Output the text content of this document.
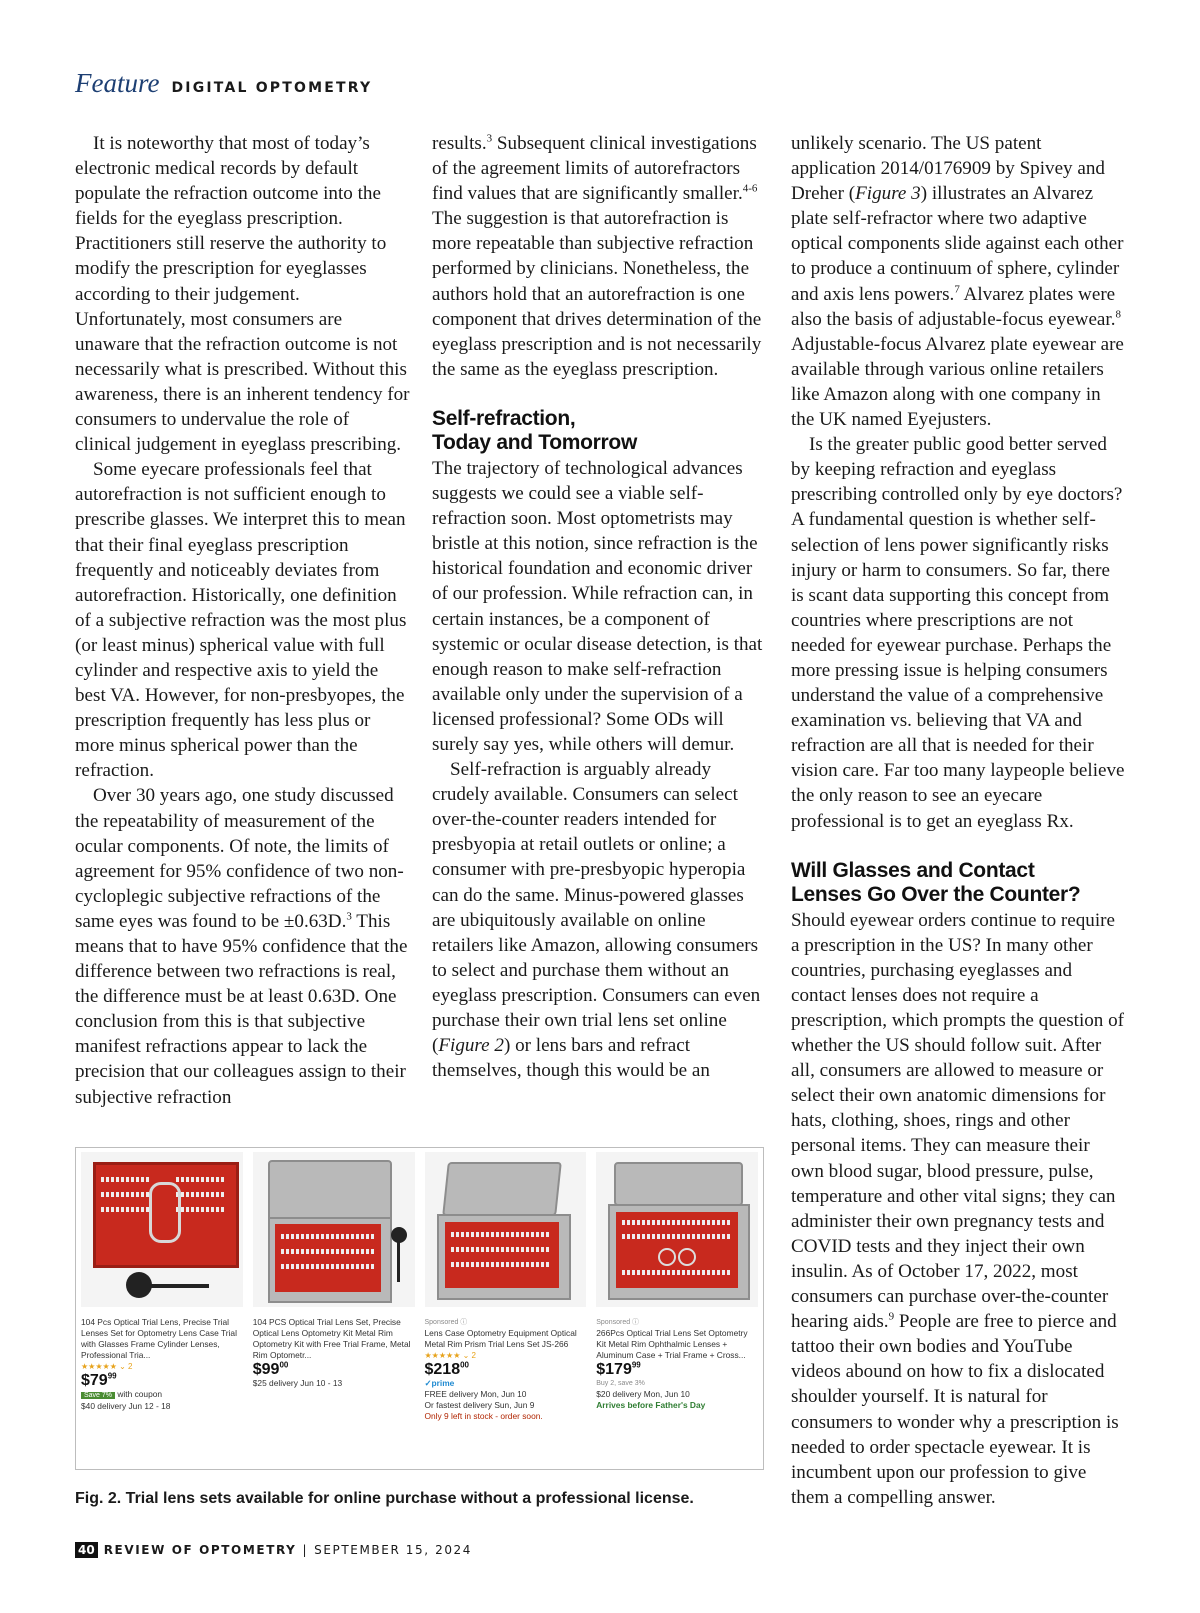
Feature DIGITAL OPTOMETRY

It is noteworthy that most of today’s electronic medical records by default populate the refraction outcome into the fields for the eyeglass prescription. Practitioners still reserve the authority to modify the prescription for eyeglasses according to their judgement. Unfortunately, most consumers are unaware that the refraction outcome is not necessarily what is prescribed. Without this awareness, there is an inherent tendency for consumers to undervalue the role of clinical judgement in eyeglass prescribing.

Some eyecare professionals feel that autorefraction is not sufficient enough to prescribe glasses. We interpret this to mean that their final eyeglass prescription frequently and noticeably deviates from autorefraction. Historically, one definition of a subjective refraction was the most plus (or least minus) spherical value with full cylinder and respective axis to yield the best VA. However, for non-presbyopes, the prescription frequently has less plus or more minus spherical power than the refraction.

Over 30 years ago, one study discussed the repeatability of measurement of the ocular components. Of note, the limits of agreement for 95% confidence of two non-cycloplegic subjective refractions of the same eyes was found to be ±0.63D.$^3$ This means that to have 95% confidence that the difference between two refractions is real, the difference must be at least 0.63D. One conclusion from this is that subjective manifest refractions appear to lack the precision that our colleagues assign to their subjective refraction

results.$^3$ Subsequent clinical investigations of the agreement limits of autorefractors find values that are significantly smaller.$^{4-6}$ The suggestion is that autorefraction is more repeatable than subjective refraction performed by clinicians. Nonetheless, the authors hold that an autorefraction is one component that drives determination of the eyeglass prescription and is not necessarily the same as the eyeglass prescription.

Self-refraction,
Today and Tomorrow

The trajectory of technological advances suggests we could see a viable self-refraction soon. Most optometrists may bristle at this notion, since refraction is the historical foundation and economic driver of our profession. While refraction can, in certain instances, be a component of systemic or ocular disease detection, is that enough reason to make self-refraction available only under the supervision of a licensed professional? Some ODs will surely say yes, while others will demur.

Self-refraction is arguably already crudely available. Consumers can select over-the-counter readers intended for presbyopia at retail outlets or online; a consumer with pre-presbyopic hyperopia can do the same. Minus-powered glasses are ubiquitously available on online retailers like Amazon, allowing consumers to select and purchase them without an eyeglass prescription. Consumers can even purchase their own trial lens set online (Figure 2) or lens bars and refract themselves, though this would be an

unlikely scenario. The US patent application 2014/0176909 by Spivey and Dreher (Figure 3) illustrates an Alvarez plate self-refractor where two adaptive optical components slide against each other to produce a continuum of sphere, cylinder and axis lens powers.$^7$ Alvarez plates were also the basis of adjustable-focus eyewear.$^8$ Adjustable-focus Alvarez plate eyewear are available through various online retailers like Amazon along with one company in the UK named Eyejusters.

Is the greater public good better served by keeping refraction and eyeglass prescribing controlled only by eye doctors? A fundamental question is whether self-selection of lens power significantly risks injury or harm to consumers. So far, there is scant data supporting this concept from countries where prescriptions are not needed for eyewear purchase. Perhaps the more pressing issue is helping consumers understand the value of a comprehensive examination vs. believing that VA and refraction are all that is needed for their vision care. Far too many laypeople believe the only reason to see an eyecare professional is to get an eyeglass Rx.

Will Glasses and Contact
Lenses Go Over the Counter?

Should eyewear orders continue to require a prescription in the US? In many other countries, purchasing eyeglasses and contact lenses does not require a prescription, which prompts the question of whether the US should follow suit. After all, consumers are allowed to measure or select their own anatomic dimensions for hats, clothing, shoes, rings and other personal items. They can measure their own blood sugar, blood pressure, pulse, temperature and other vital signs; they can administer their own pregnancy tests and COVID tests and they inject their own insulin. As of October 17, 2022, most consumers can purchase over-the-counter hearing aids.$^9$ People are free to pierce and tattoo their own bodies and YouTube videos abound on how to fix a dislocated shoulder yourself. It is natural for consumers to wonder why a prescription is needed to order spectacle eyewear. It is incumbent upon our profession to give them a compelling answer.

104 Pcs Optical Trial Lens, Precise Trial Lenses Set for Optometry Lens Case Trial with Glasses Frame Cylinder Lenses, Professional Tria...
★★★★★ ⌄ 2
$\$79^{99}$
Save 7% with coupon
$40 delivery Jun 12 - 18
104 PCS Optical Trial Lens Set, Precise Optical Lens Optometry Kit Metal Rim Optometry Kit with Free Trial Frame, Metal Rim Optometr...
$\$99^{00}$
$25 delivery Jun 10 - 13
Sponsored ⓘ
Lens Case Optometry Equipment Optical Metal Rim Prism Trial Lens Set JS-266
★★★★★ ⌄ 2
$\$218^{00}$
✓prime
FREE delivery Mon, Jun 10
Or fastest delivery Sun, Jun 9
Only 9 left in stock - order soon.
Sponsored ⓘ
266Pcs Optical Trial Lens Set Optometry Kit Metal Rim Ophthalmic Lenses + Aluminum Case + Trial Frame + Cross...
$\$179^{99}$
Buy 2, save 3%
$20 delivery Mon, Jun 10
Arrives before Father's Day
Fig. 2. Trial lens sets available for online purchase without a professional license.
40 REVIEW OF OPTOMETRY | SEPTEMBER 15, 2024
